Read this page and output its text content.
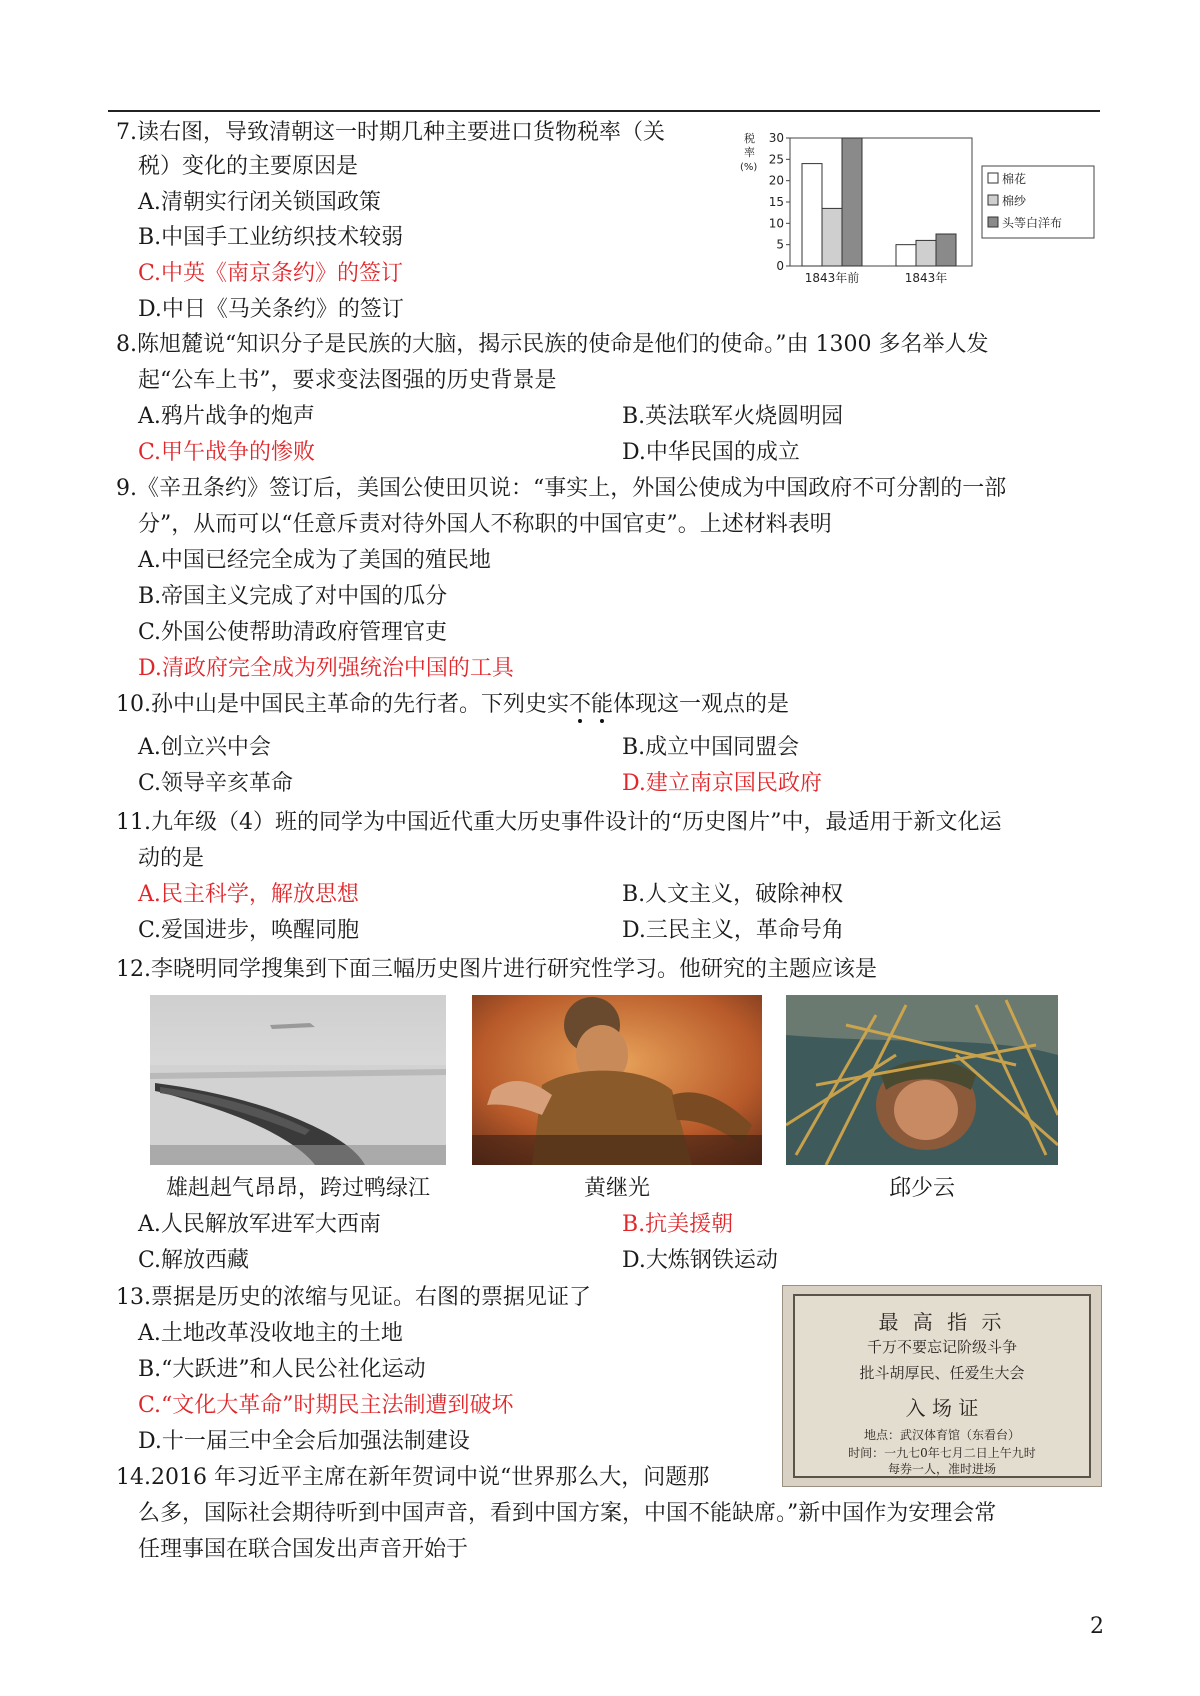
7.读右图，导致清朝这一时期几种主要进口货物税率（关
税）变化的主要原因是
A.清朝实行闭关锁国政策
B.中国手工业纺织技术较弱
C.中英《南京条约》的签订
D.中日《马关条约》的签订
税
率
(%)
0
5
10
15
20
25
30
1843年前	1843年
棉花
棉纱
头等白洋布
8.陈旭麓说“知识分子是民族的大脑，揭示民族的使命是他们的使命。”由 1300 多名举人发
起“公车上书”，要求变法图强的历史背景是
A.鸦片战争的炮声	B.英法联军火烧圆明园
C.甲午战争的惨败	D.中华民国的成立
9.《辛丑条约》签订后，美国公使田贝说：“事实上，外国公使成为中国政府不可分割的一部
分”，从而可以“任意斥责对待外国人不称职的中国官吏”。上述材料表明
A.中国已经完全成为了美国的殖民地
B.帝国主义完成了对中国的瓜分
C.外国公使帮助清政府管理官吏
D.清政府完全成为列强统治中国的工具
10.孙中山是中国民主革命的先行者。下列史实不能体现这一观点的是
A.创立兴中会	B.成立中国同盟会
C.领导辛亥革命	D.建立南京国民政府
11.九年级（4）班的同学为中国近代重大历史事件设计的“历史图片”中，最适用于新文化运
动的是
A.民主科学，解放思想	B.人文主义，破除神权
C.爱国进步，唤醒同胞	D.三民主义，革命号角
12.李晓明同学搜集到下面三幅历史图片进行研究性学习。他研究的主题应该是
雄赳赳气昂昂，跨过鸭绿江	黄继光	邱少云
A.人民解放军进军大西南	B.抗美援朝
C.解放西藏	D.大炼钢铁运动
13.票据是历史的浓缩与见证。右图的票据见证了
A.土地改革没收地主的土地
B.“大跃进”和人民公社化运动
C.“文化大革命”时期民主法制遭到破坏
D.十一届三中全会后加强法制建设
最 高 指 示
千万不要忘记阶级斗争
批斗胡厚民、任爱生大会
入 场 证
地点：武汉体育馆（东看台）
时间：一九七0年七月二日上午九时
每券一人，准时进场
14.2016 年习近平主席在新年贺词中说“世界那么大，问题那
么多，国际社会期待听到中国声音，看到中国方案，中国不能缺席。”新中国作为安理会常
任理事国在联合国发出声音开始于
2
